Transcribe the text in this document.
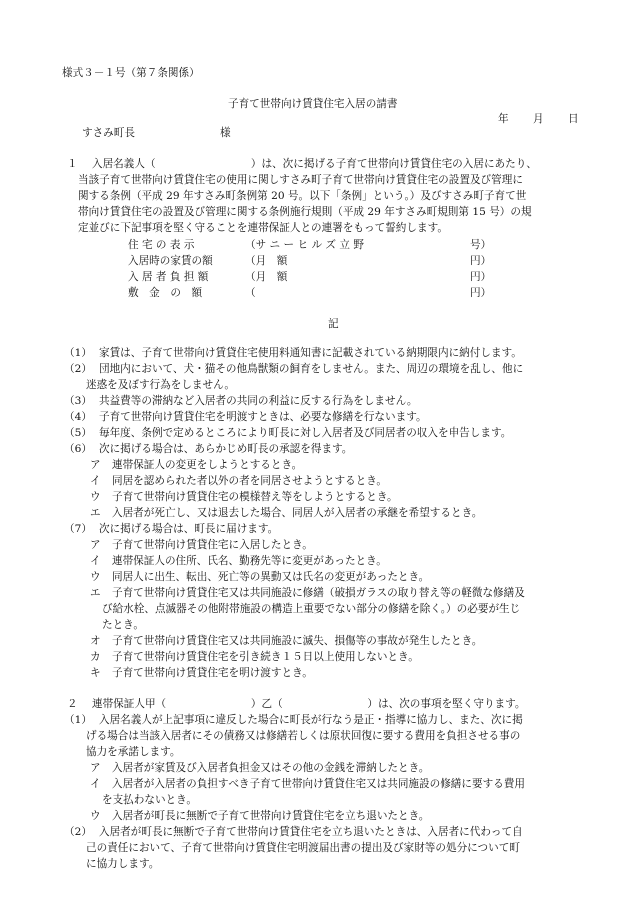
様式３－１号（第７条関係）
子育て世帯向け賃貸住宅入居の請書
年 月 日
すさみ町長	様
１ 入居名義人（　　　　　　　　　）は、次に掲げる子育て世帯向け賃貸住宅の入居にあたり、
当該子育て世帯向け賃貸住宅の使用に関しすさみ町子育て世帯向け賃貸住宅の設置及び管理に
関する条例（平成 29 年すさみ町条例第 20 号。以下「条例」という。）及びすさみ町子育て世
帯向け賃貸住宅の設置及び管理に関する条例施行規則（平成 29 年すさみ町規則第 15 号）の規
定並びに下記事項を堅く守ることを連帯保証人との連署をもって誓約します。
住 宅 の 表 示	（サ ニ ー ヒ ル ズ 立 野	号）
入居時の家賃の額	（月　額	円）
入 居 者 負 担 額	（月　額	円）
敷　金　の　額	（	円）
記
（1） 家賃は、子育て世帯向け賃貸住宅使用料通知書に記載されている納期限内に納付します。
（2） 団地内において、犬・猫その他鳥獣類の飼育をしません。また、周辺の環境を乱し、他に
迷惑を及ぼす行為をしません。
（3） 共益費等の滞納など入居者の共同の利益に反する行為をしません。
（4） 子育て世帯向け賃貸住宅を明渡すときは、必要な修繕を行ないます。
（5） 毎年度、条例で定めるところにより町長に対し入居者及び同居者の収入を申告します。
（6） 次に掲げる場合は、あらかじめ町長の承認を得ます。
ア 連帯保証人の変更をしようとするとき。
イ 同居を認められた者以外の者を同居させようとするとき。
ウ 子育て世帯向け賃貸住宅の模様替え等をしようとするとき。
エ 入居者が死亡し、又は退去した場合、同居人が入居者の承継を希望するとき。
（7） 次に掲げる場合は、町長に届けます。
ア 子育て世帯向け賃貸住宅に入居したとき。
イ 連帯保証人の住所、氏名、勤務先等に変更があったとき。
ウ 同居人に出生、転出、死亡等の異動又は氏名の変更があったとき。
エ 子育て世帯向け賃貸住宅又は共同施設に修繕（破損ガラスの取り替え等の軽微な修繕及
び給水栓、点滅器その他附帯施設の構造上重要でない部分の修繕を除く。）の必要が生じ
たとき。
オ 子育て世帯向け賃貸住宅又は共同施設に滅失、損傷等の事故が発生したとき。
カ 子育て世帯向け賃貸住宅を引き続き１５日以上使用しないとき。
キ 子育て世帯向け賃貸住宅を明け渡すとき。
２ 連帯保証人甲（　　　　　　　　）乙（　　　　　　　　）は、次の事項を堅く守ります。
（1） 入居名義人が上記事項に違反した場合に町長が行なう是正・指導に協力し、また、次に掲
げる場合は当該入居者にその債務又は修繕若しくは原状回復に要する費用を負担させる事の
協力を承諾します。
ア 入居者が家賃及び入居者負担金又はその他の金銭を滞納したとき。
イ 入居者が入居者の負担すべき子育て世帯向け賃貸住宅又は共同施設の修繕に要する費用
を支払わないとき。
ウ 入居者が町長に無断で子育て世帯向け賃貸住宅を立ち退いたとき。
（2） 入居者が町長に無断で子育て世帯向け賃貸住宅を立ち退いたときは、入居者に代わって自
己の責任において、子育て世帯向け賃貸住宅明渡届出書の提出及び家財等の処分について町
に協力します。
